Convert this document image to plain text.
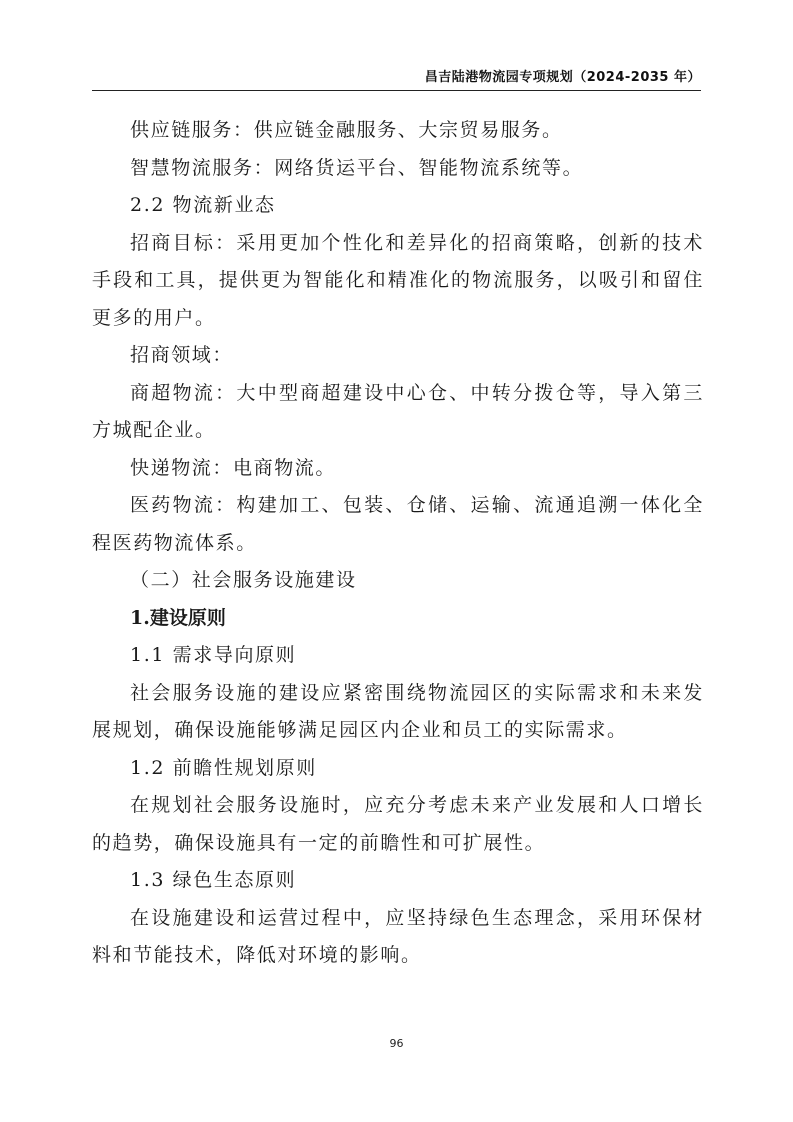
昌吉陆港物流园专项规划（2024-2035 年）

供应链服务：供应链金融服务、大宗贸易服务。

智慧物流服务：网络货运平台、智能物流系统等。

2.2 物流新业态

招商目标：采用更加个性化和差异化的招商策略，创新的技术手段和工具，提供更为智能化和精准化的物流服务，以吸引和留住更多的用户。

招商领域：

商超物流：大中型商超建设中心仓、中转分拨仓等，导入第三方城配企业。

快递物流：电商物流。

医药物流：构建加工、包装、仓储、运输、流通追溯一体化全程医药物流体系。

（二）社会服务设施建设

1.建设原则

1.1 需求导向原则

社会服务设施的建设应紧密围绕物流园区的实际需求和未来发展规划，确保设施能够满足园区内企业和员工的实际需求。

1.2 前瞻性规划原则

在规划社会服务设施时，应充分考虑未来产业发展和人口增长的趋势，确保设施具有一定的前瞻性和可扩展性。

1.3 绿色生态原则

在设施建设和运营过程中，应坚持绿色生态理念，采用环保材料和节能技术，降低对环境的影响。

96
